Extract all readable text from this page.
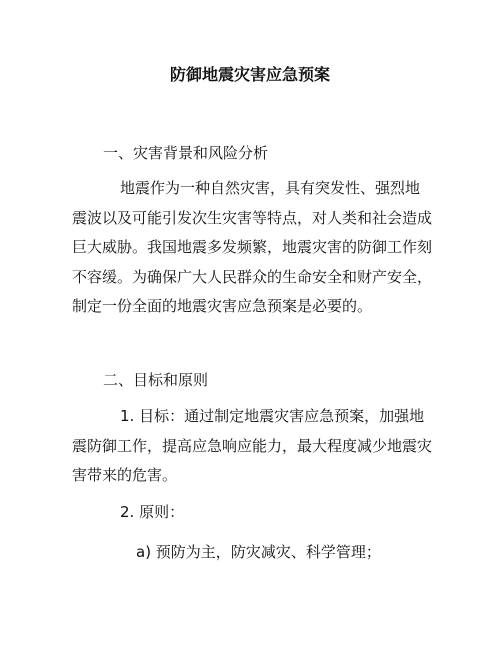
防御地震灾害应急预案
一、灾害背景和风险分析
地震作为一种自然灾害，具有突发性、强烈地
震波以及可能引发次生灾害等特点，对人类和社会造成
巨大威胁。我国地震多发频繁，地震灾害的防御工作刻
不容缓。为确保广大人民群众的生命安全和财产安全，
制定一份全面的地震灾害应急预案是必要的。
二、目标和原则
1. 目标：通过制定地震灾害应急预案，加强地
震防御工作，提高应急响应能力，最大程度减少地震灾
害带来的危害。
2. 原则：
a) 预防为主，防灾减灾、科学管理；
